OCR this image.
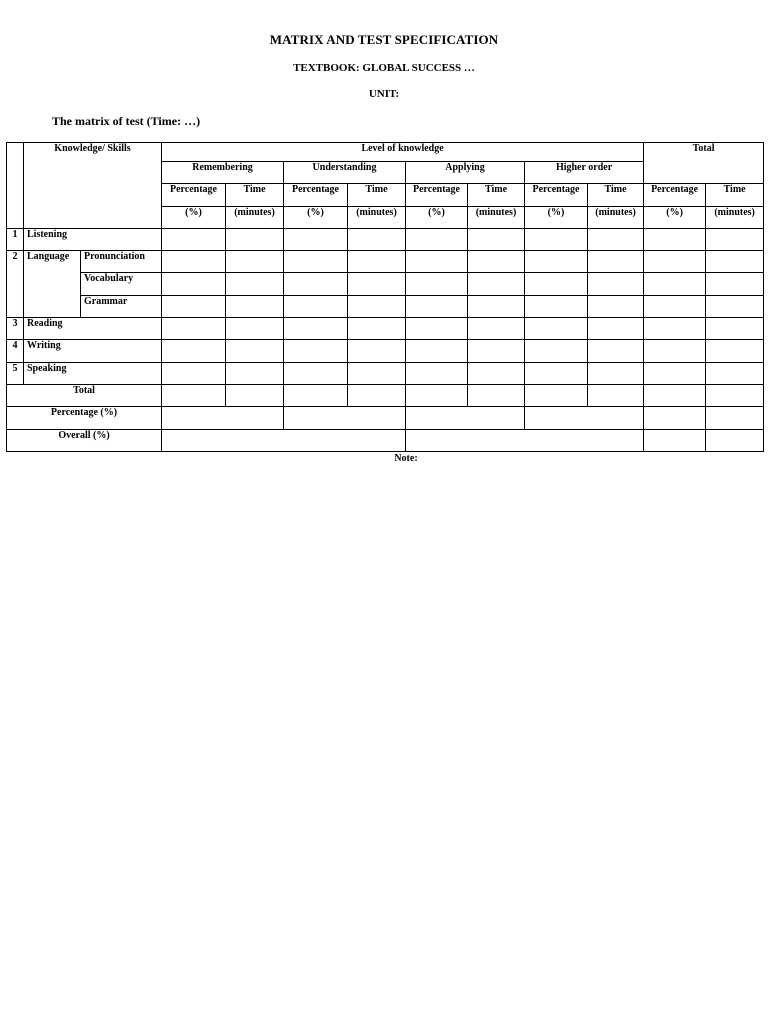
MATRIX AND TEST SPECIFICATION
TEXTBOOK: GLOBAL SUCCESS …
UNIT:
The matrix of test (Time: …)
	Knowledge/ Skills		Level of knowledge								Total	
			Remembering		Understanding		Applying		Higher order			
			Percentage	Time	Percentage	Time	Percentage	Time	Percentage	Time	Percentage	Time
			(%)	(minutes)	(%)	(minutes)	(%)	(minutes)	(%)	(minutes)	(%)	(minutes)
1	Listening											
2	Language	Pronunciation										
		Vocabulary										
		Grammar										
3	Reading											
4	Writing											
5	Speaking											
Total												
Percentage (%)												
Overall (%)												
Note:
